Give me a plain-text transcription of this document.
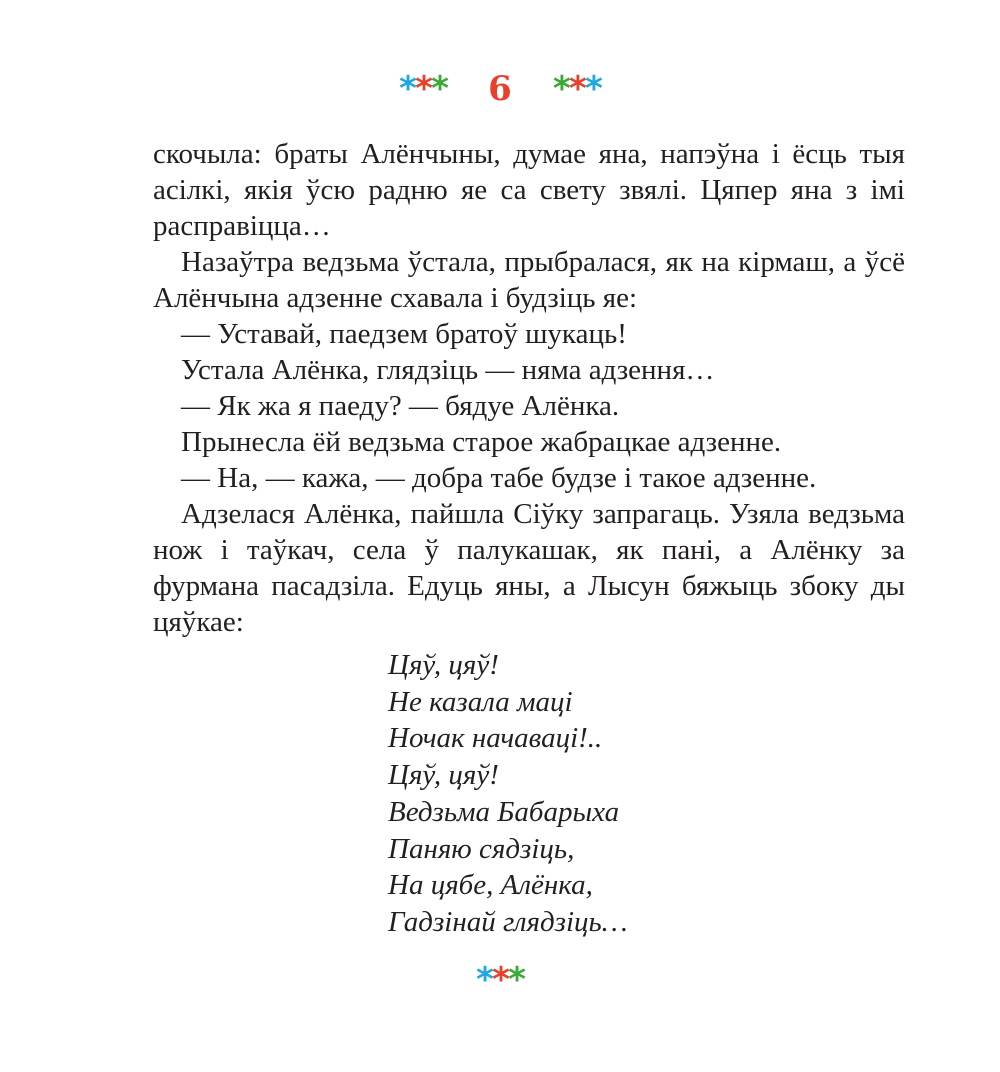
*** 6 ***

скочыла: браты Алёнчыны, думае яна, напэўна і ёсць тыя асілкі, якія ўсю радню яе са свету звялі. Цяпер яна з імі расправіцца…

Назаўтра ведзьма ўстала, прыбралася, як на кірмаш, а ўсё Алёнчына адзенне схавала і будзіць яе:

— Уставай, паедзем братоў шукаць!

Устала Алёнка, глядзіць — няма адзення…

— Як жа я паеду? — бядуе Алёнка.

Прынесла ёй ведзьма старое жабрацкае адзенне.

— На, — кажа, — добра табе будзе і такое адзенне.

Адзелася Алёнка, пайшла Сіўку запрагаць. Узяла ведзьма нож і таўкач, села ў палукашак, як пані, а Алёнку за фурмана пасадзіла. Едуць яны, а Лысун бяжыць збоку ды цяўкае:

Цяў, цяў!
Не казала маці
Ночак начаваці!..
Цяў, цяў!
Ведзьма Бабарыха
Паняю сядзіць,
На цябе, Алёнка,
Гадзінай глядзіць…
***
